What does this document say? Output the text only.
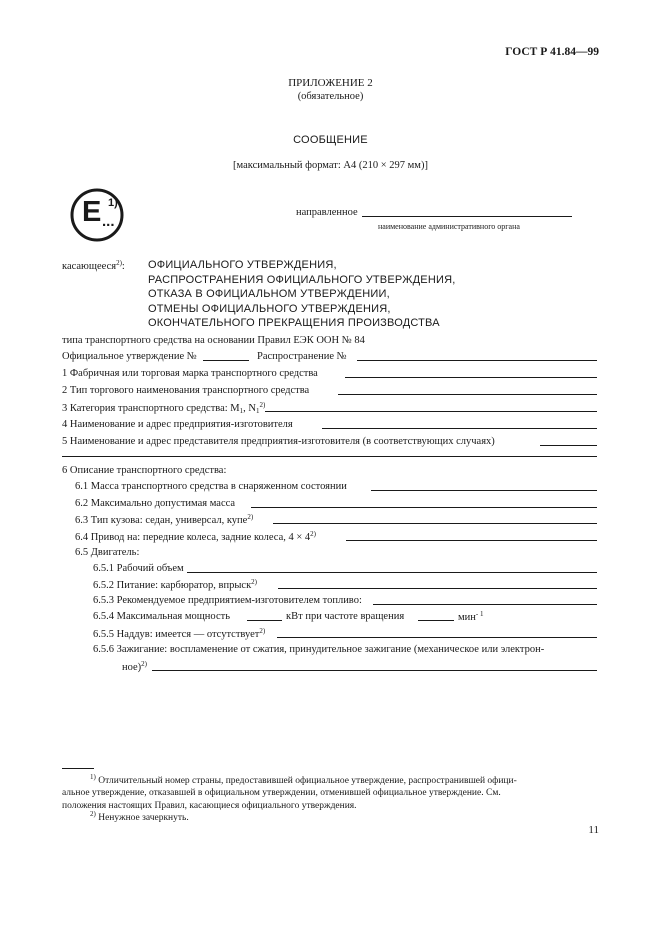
ГОСТ Р 41.84—99
ПРИЛОЖЕНИЕ 2
(обязательное)
СООБЩЕНИЕ
[максимальный формат: А4 (210 × 297 мм)]
E 1)
...
направленное
наименование административного органа
касающееся$^{2)}$: ОФИЦИАЛЬНОГО УТВЕРЖДЕНИЯ,
РАСПРОСТРАНЕНИЯ ОФИЦИАЛЬНОГО УТВЕРЖДЕНИЯ,
ОТКАЗА В ОФИЦИАЛЬНОМ УТВЕРЖДЕНИИ,
ОТМЕНЫ ОФИЦИАЛЬНОГО УТВЕРЖДЕНИЯ,
ОКОНЧАТЕЛЬНОГО ПРЕКРАЩЕНИЯ ПРОИЗВОДСТВА
типа транспортного средства на основании Правил ЕЭК ООН № 84
Официальное утверждение №	Распространение №
1 Фабричная или торговая марка транспортного средства
2 Тип торгового наименования транспортного средства
3 Категория транспортного средства: $M_1$, $N_1^{2)}$
4 Наименование и адрес предприятия-изготовителя
5 Наименование и адрес представителя предприятия-изготовителя (в соответствующих случаях)
6 Описание транспортного средства:
6.1 Масса транспортного средства в снаряженном состоянии
6.2 Максимально допустимая масса
6.3 Тип кузова: седан, универсал, купе$^{2)}$
6.4 Привод на: передние колеса, задние колеса, $4 \times 4^{2)}$
6.5 Двигатель:
6.5.1 Рабочий объем
6.5.2 Питание: карбюратор, впрыск$^{2)}$
6.5.3 Рекомендуемое предприятием-изготовителем топливо:
6.5.4 Максимальная мощность	кВт при частоте вращения	мин$^{- 1}$
6.5.5 Наддув: имеется — отсутствует$^{2)}$
6.5.6 Зажигание: воспламенение от сжатия, принудительное зажигание (механическое или электрон-
ное)$^{2)}$
$^{1)}$ Отличительный номер страны, предоставившей официальное утверждение, распространившей офици-
альное утверждение, отказавшей в официальном утверждении, отменившей официальное утверждение. См.
положения настоящих Правил, касающиеся официального утверждения.
$^{2)}$ Ненужное зачеркнуть.
11
